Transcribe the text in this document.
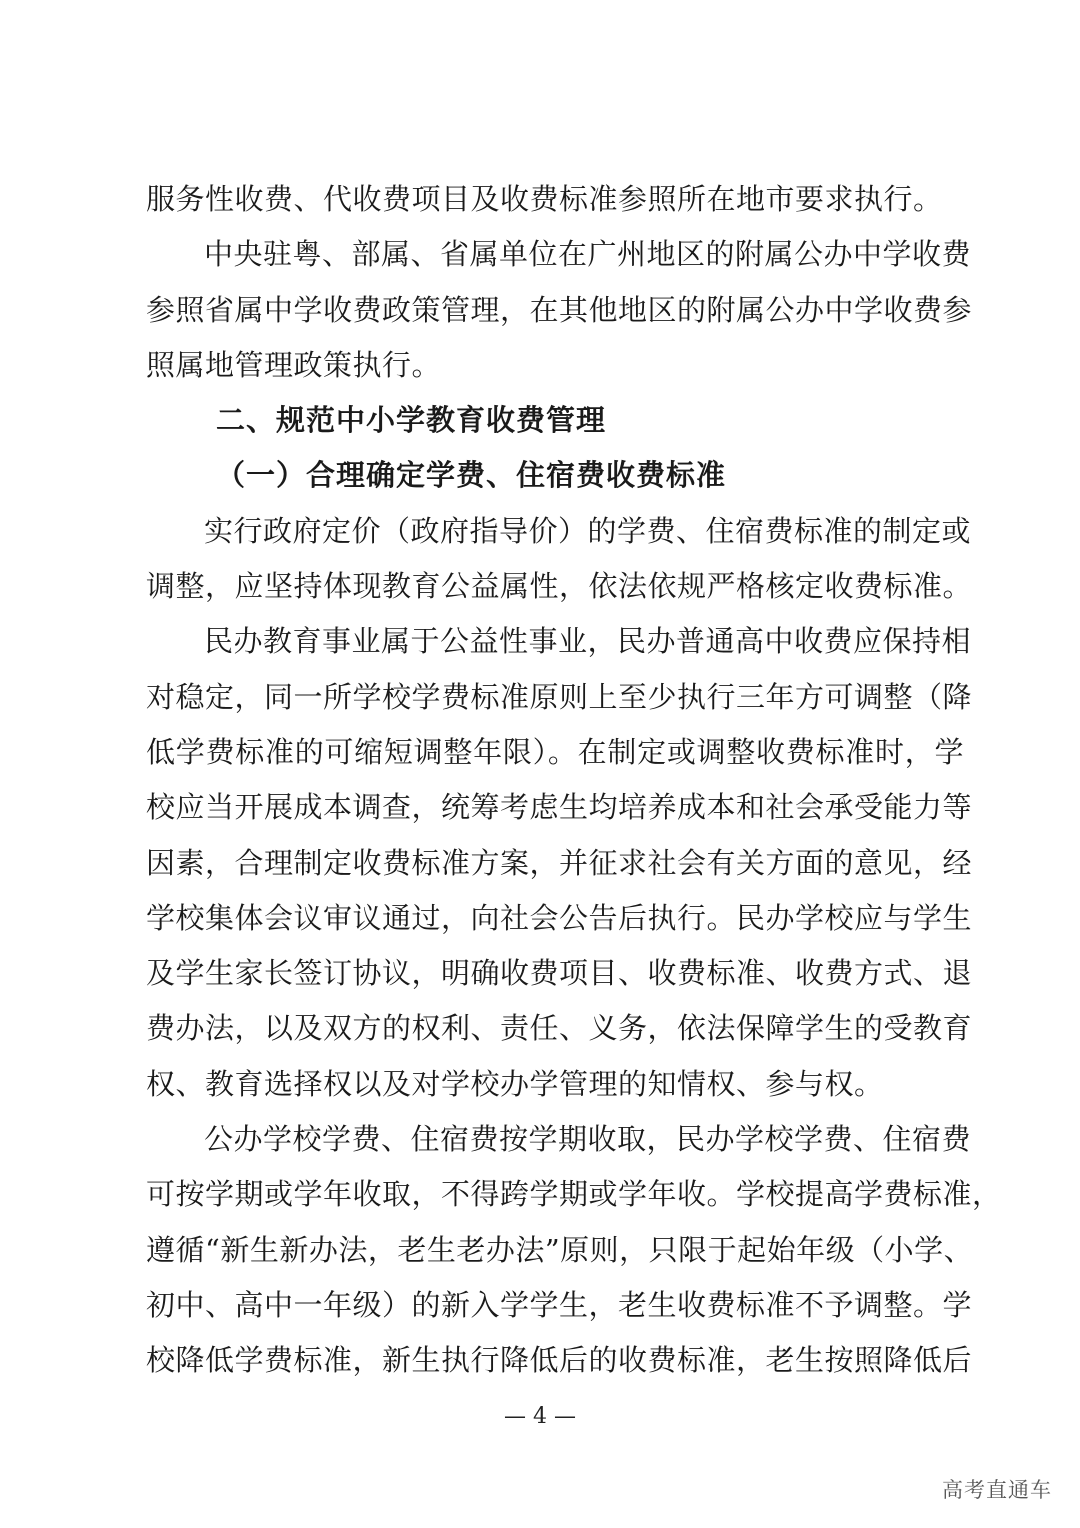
服务性收费、代收费项目及收费标准参照所在地市要求执行。
中央驻粤、部属、省属单位在广州地区的附属公办中学收费
参照省属中学收费政策管理，在其他地区的附属公办中学收费参
照属地管理政策执行。
二、规范中小学教育收费管理
（一）合理确定学费、住宿费收费标准
实行政府定价（政府指导价）的学费、住宿费标准的制定或
调整，应坚持体现教育公益属性，依法依规严格核定收费标准。
民办教育事业属于公益性事业，民办普通高中收费应保持相
对稳定，同一所学校学费标准原则上至少执行三年方可调整（降
低学费标准的可缩短调整年限）。在制定或调整收费标准时，学
校应当开展成本调查，统筹考虑生均培养成本和社会承受能力等
因素，合理制定收费标准方案，并征求社会有关方面的意见，经
学校集体会议审议通过，向社会公告后执行。民办学校应与学生
及学生家长签订协议，明确收费项目、收费标准、收费方式、退
费办法，以及双方的权利、责任、义务，依法保障学生的受教育
权、教育选择权以及对学校办学管理的知情权、参与权。
公办学校学费、住宿费按学期收取，民办学校学费、住宿费
可按学期或学年收取，不得跨学期或学年收。学校提高学费标准，
遵循“新生新办法，老生老办法”原则，只限于起始年级（小学、
初中、高中一年级）的新入学学生，老生收费标准不予调整。学
校降低学费标准，新生执行降低后的收费标准，老生按照降低后
— 4 —
高考直通车
